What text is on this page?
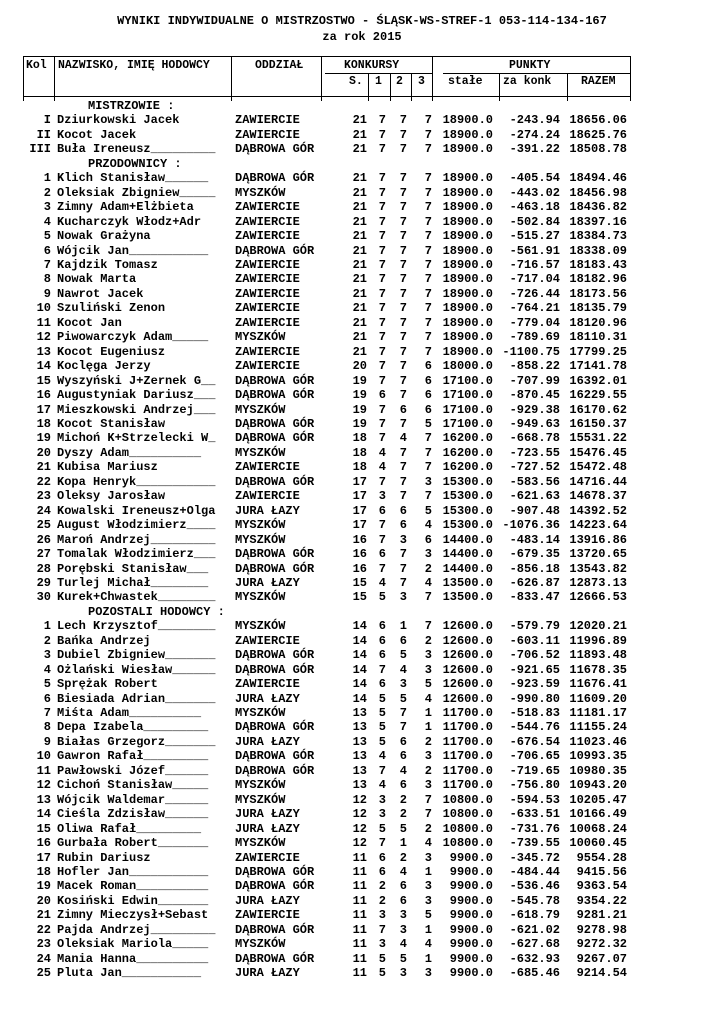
WYNIKI INDYWIDUALNE O MISTRZOSTWO - ŚLĄSK-WS-STREF-1 053-114-134-167
za rok 2015
Kol NAZWISKO, IMIĘ HODOWCY	ODDZIAŁ	KONKURSY	PUNKTY
S. 1 2 3 stałe za konk	RAZEM
MISTRZOWIE :
I Dziurkowski Jacek	ZAWIERCIE	21 7	7	7 18900.0	-243.94 18656.06
II Kocot Jacek	ZAWIERCIE	21 7	7	7 18900.0	-274.24 18625.76
III Buła Ireneusz_________ DĄBROWA GÓR	21 7	7	7 18900.0	-391.22 18508.78
PRZODOWNICY :
1 Klich Stanisław______ DĄBROWA GÓR	21 7	7	7 18900.0	-405.54 18494.46
2 Oleksiak Zbigniew_____ MYSZKÓW	21 7	7	7 18900.0	-443.02 18456.98
3 Zimny Adam+Elżbieta	ZAWIERCIE	21 7	7	7 18900.0	-463.18 18436.82
4 Kucharczyk Włodz+Adr	ZAWIERCIE	21 7	7	7 18900.0	-502.84 18397.16
5 Nowak Grażyna	ZAWIERCIE	21 7	7	7 18900.0	-515.27 18384.73
6 Wójcik Jan___________ DĄBROWA GÓR	21 7	7	7 18900.0	-561.91 18338.09
7 Kajdzik Tomasz	ZAWIERCIE	21 7	7	7 18900.0	-716.57 18183.43
8 Nowak Marta	ZAWIERCIE	21 7	7	7 18900.0	-717.04 18182.96
9 Nawrot Jacek	ZAWIERCIE	21 7	7	7 18900.0	-726.44 18173.56
10 Szuliński Zenon	ZAWIERCIE	21 7	7	7 18900.0	-764.21 18135.79
11 Kocot Jan	ZAWIERCIE	21 7	7	7 18900.0	-779.04 18120.96
12 Piwowarczyk Adam_____ MYSZKÓW	21 7	7	7 18900.0	-789.69 18110.31
13 Kocot Eugeniusz	ZAWIERCIE	21 7	7	7 18900.0 -1100.75 17799.25
14 Koclęga Jerzy	ZAWIERCIE	20 7	7	6 18000.0	-858.22 17141.78
15 Wyszyński J+Zernek G__ DĄBROWA GÓR	19 7	7	6 17100.0	-707.99 16392.01
16 Augustyniak Dariusz___ DĄBROWA GÓR	19 6	7	6 17100.0	-870.45 16229.55
17 Mieszkowski Andrzej___ MYSZKÓW	19 7	6	6 17100.0	-929.38 16170.62
18 Kocot Stanisław	DĄBROWA GÓR	19 7	7	5 17100.0	-949.63 16150.37
19 Michoń K+Strzelecki W_ DĄBROWA GÓR	18 7	4	7 16200.0	-668.78 15531.22
20 Dyszy Adam__________	MYSZKÓW	18 4	7	7 16200.0	-723.55 15476.45
21 Kubisa Mariusz	ZAWIERCIE	18 4	7	7 16200.0	-727.52 15472.48
22 Kopa Henryk___________ DĄBROWA GÓR	17 7	7	3 15300.0	-583.56 14716.44
23 Oleksy Jarosław	ZAWIERCIE	17 3	7	7 15300.0	-621.63 14678.37
24 Kowalski Ireneusz+Olga JURA ŁAZY	17 6	6	5 15300.0	-907.48 14392.52
25 August Włodzimierz____ MYSZKÓW	17 7	6	4 15300.0 -1076.36 14223.64
26 Maroń Andrzej_________ MYSZKÓW	16 7	3	6 14400.0	-483.14 13916.86
27 Tomalak Włodzimierz___ DĄBROWA GÓR	16 6	7	3 14400.0	-679.35 13720.65
28 Porębski Stanisław___ DĄBROWA GÓR	16 7	7	2 14400.0	-856.18 13543.82
29 Turlej Michał________ JURA ŁAZY	15 4	7	4 13500.0	-626.87 12873.13
30 Kurek+Chwastek________ MYSZKÓW	15 5	3	7 13500.0	-833.47 12666.53
POZOSTALI HODOWCY :
1 Lech Krzysztof________ MYSZKÓW	14 6	1	7 12600.0	-579.79 12020.21
2 Bańka Andrzej	ZAWIERCIE	14 6	6	2 12600.0	-603.11 11996.89
3 Dubiel Zbigniew_______ DĄBROWA GÓR	14 6	5	3 12600.0	-706.52 11893.48
4 Ożlański Wiesław______ DĄBROWA GÓR	14 7	4	3 12600.0	-921.65 11678.35
5 Sprężak Robert	ZAWIERCIE	14 6	3	5 12600.0	-923.59 11676.41
6 Biesiada Adrian_______ JURA ŁAZY	14 5	5	4 12600.0	-990.80 11609.20
7 Miśta Adam__________	MYSZKÓW	13 5	7	1 11700.0	-518.83 11181.17
8 Depa Izabela_________ DĄBROWA GÓR	13 5	7	1 11700.0	-544.76 11155.24
9 Białas Grzegorz_______ JURA ŁAZY	13 5	6	2 11700.0	-676.54 11023.46
10 Gawron Rafał_________ DĄBROWA GÓR	13 4	6	3 11700.0	-706.65 10993.35
11 Pawłowski Józef______ DĄBROWA GÓR	13 7	4	2 11700.0	-719.65 10980.35
12 Cichoń Stanisław_____ MYSZKÓW	13 4	6	3 11700.0	-756.80 10943.20
13 Wójcik Waldemar______ MYSZKÓW	12 3	2	7 10800.0	-594.53 10205.47
14 Cieśla Zdzisław______ JURA ŁAZY	12 3	2	7 10800.0	-633.51 10166.49
15 Oliwa Rafał_________	JURA ŁAZY	12 5	5	2 10800.0	-731.76 10068.24
16 Gurbała Robert_______ MYSZKÓW	12 7	1	4 10800.0	-739.55 10060.45
17 Rubin Dariusz	ZAWIERCIE	11 6	2	3	9900.0	-345.72	9554.28
18 Hofler Jan___________ DĄBROWA GÓR	11 6	4	1	9900.0	-484.44	9415.56
19 Macek Roman__________ DĄBROWA GÓR	11 2	6	3	9900.0	-536.46	9363.54
20 Kosiński Edwin_______ JURA ŁAZY	11 2	6	3	9900.0	-545.78	9354.22
21 Zimny Mieczysł+Sebast ZAWIERCIE	11 3	3	5	9900.0	-618.79	9281.21
22 Pajda Andrzej_________ DĄBROWA GÓR	11 7	3	1	9900.0	-621.02	9278.98
23 Oleksiak Mariola_____ MYSZKÓW	11 3	4	4	9900.0	-627.68	9272.32
24 Mania Hanna__________ DĄBROWA GÓR	11 5	5	1	9900.0	-632.93	9267.07
25 Pluta Jan___________	JURA ŁAZY	11 5	3	3	9900.0	-685.46	9214.54
